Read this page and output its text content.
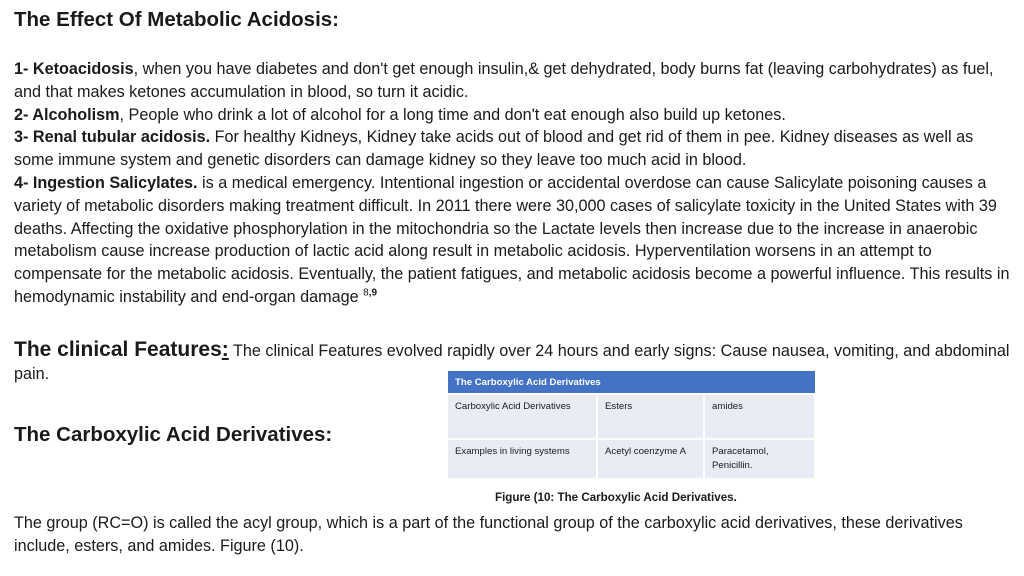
The Effect Of Metabolic Acidosis:
1- Ketoacidosis, when you have diabetes and don't get enough insulin,& get dehydrated, body burns fat (leaving carbohydrates) as fuel, and that makes ketones accumulation in blood, so turn it acidic.
2- Alcoholism, People who drink a lot of alcohol for a long time and don't eat enough also build up ketones.
3- Renal tubular acidosis. For healthy Kidneys, Kidney take acids out of blood and get rid of them in pee. Kidney diseases as well as some immune system and genetic disorders can damage kidney so they leave too much acid in blood.
4- Ingestion Salicylates. is a medical emergency. Intentional ingestion or accidental overdose can cause Salicylate poisoning causes a variety of metabolic disorders making treatment difficult. In 2011 there were 30,000 cases of salicylate toxicity in the United States with 39 deaths. Affecting the oxidative phosphorylation in the mitochondria so the Lactate levels then increase due to the increase in anaerobic metabolism cause increase production of lactic acid along result in metabolic acidosis. Hyperventilation worsens in an attempt to compensate for the metabolic acidosis. Eventually, the patient fatigues, and metabolic acidosis become a powerful influence. This results in hemodynamic instability and end-organ damage $^{8,9}$
The clinical Features: The clinical Features evolved rapidly over 24 hours and early signs: Cause nausea, vomiting, and abdominal pain.
The Carboxylic Acid Derivatives:
The Carboxylic Acid Derivatives		
Carboxylic Acid Derivatives	Esters	amides
Examples in living systems	Acetyl coenzyme A	Paracetamol, Penicillin.
Figure (10: The Carboxylic Acid Derivatives.
The group (RC=O) is called the acyl group, which is a part of the functional group of the carboxylic acid derivatives, these derivatives include, esters, and amides. Figure (10).
